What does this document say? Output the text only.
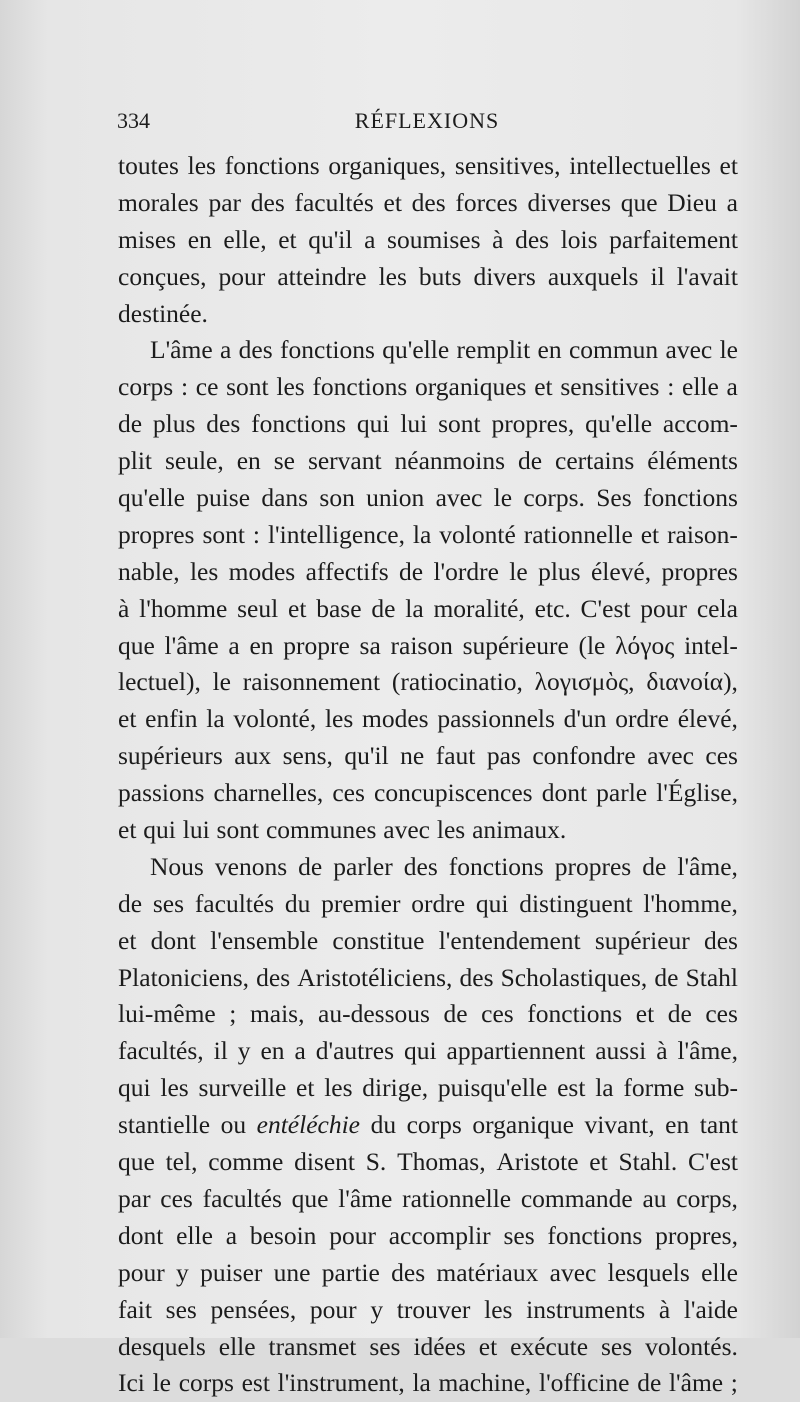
334	RÉFLEXIONS
toutes les fonctions organiques, sensitives, intellectuelles et
morales par des facultés et des forces diverses que Dieu a
mises en elle, et qu'il a soumises à des lois parfaitement
conçues, pour atteindre les buts divers auxquels il l'avait
destinée.
L'âme a des fonctions qu'elle remplit en commun avec le
corps : ce sont les fonctions organiques et sensitives : elle a
de plus des fonctions qui lui sont propres, qu'elle accom-
plit seule, en se servant néanmoins de certains éléments
qu'elle puise dans son union avec le corps. Ses fonctions
propres sont : l'intelligence, la volonté rationnelle et raison-
nable, les modes affectifs de l'ordre le plus élevé, propres
à l'homme seul et base de la moralité, etc. C'est pour cela
que l'âme a en propre sa raison supérieure (le λόγος intel-
lectuel), le raisonnement (ratiocinatio, λογισμὸς, διανοία),
et enfin la volonté, les modes passionnels d'un ordre élevé,
supérieurs aux sens, qu'il ne faut pas confondre avec ces
passions charnelles, ces concupiscences dont parle l'Église,
et qui lui sont communes avec les animaux.
Nous venons de parler des fonctions propres de l'âme,
de ses facultés du premier ordre qui distinguent l'homme,
et dont l'ensemble constitue l'entendement supérieur des
Platoniciens, des Aristotéliciens, des Scholastiques, de Stahl
lui-même ; mais, au-dessous de ces fonctions et de ces
facultés, il y en a d'autres qui appartiennent aussi à l'âme,
qui les surveille et les dirige, puisqu'elle est la forme sub-
stantielle ou entéléchie du corps organique vivant, en tant
que tel, comme disent S. Thomas, Aristote et Stahl. C'est
par ces facultés que l'âme rationnelle commande au corps,
dont elle a besoin pour accomplir ses fonctions propres,
pour y puiser une partie des matériaux avec lesquels elle
fait ses pensées, pour y trouver les instruments à l'aide
desquels elle transmet ses idées et exécute ses volontés.
Ici le corps est l'instrument, la machine, l'officine de l'âme ;
